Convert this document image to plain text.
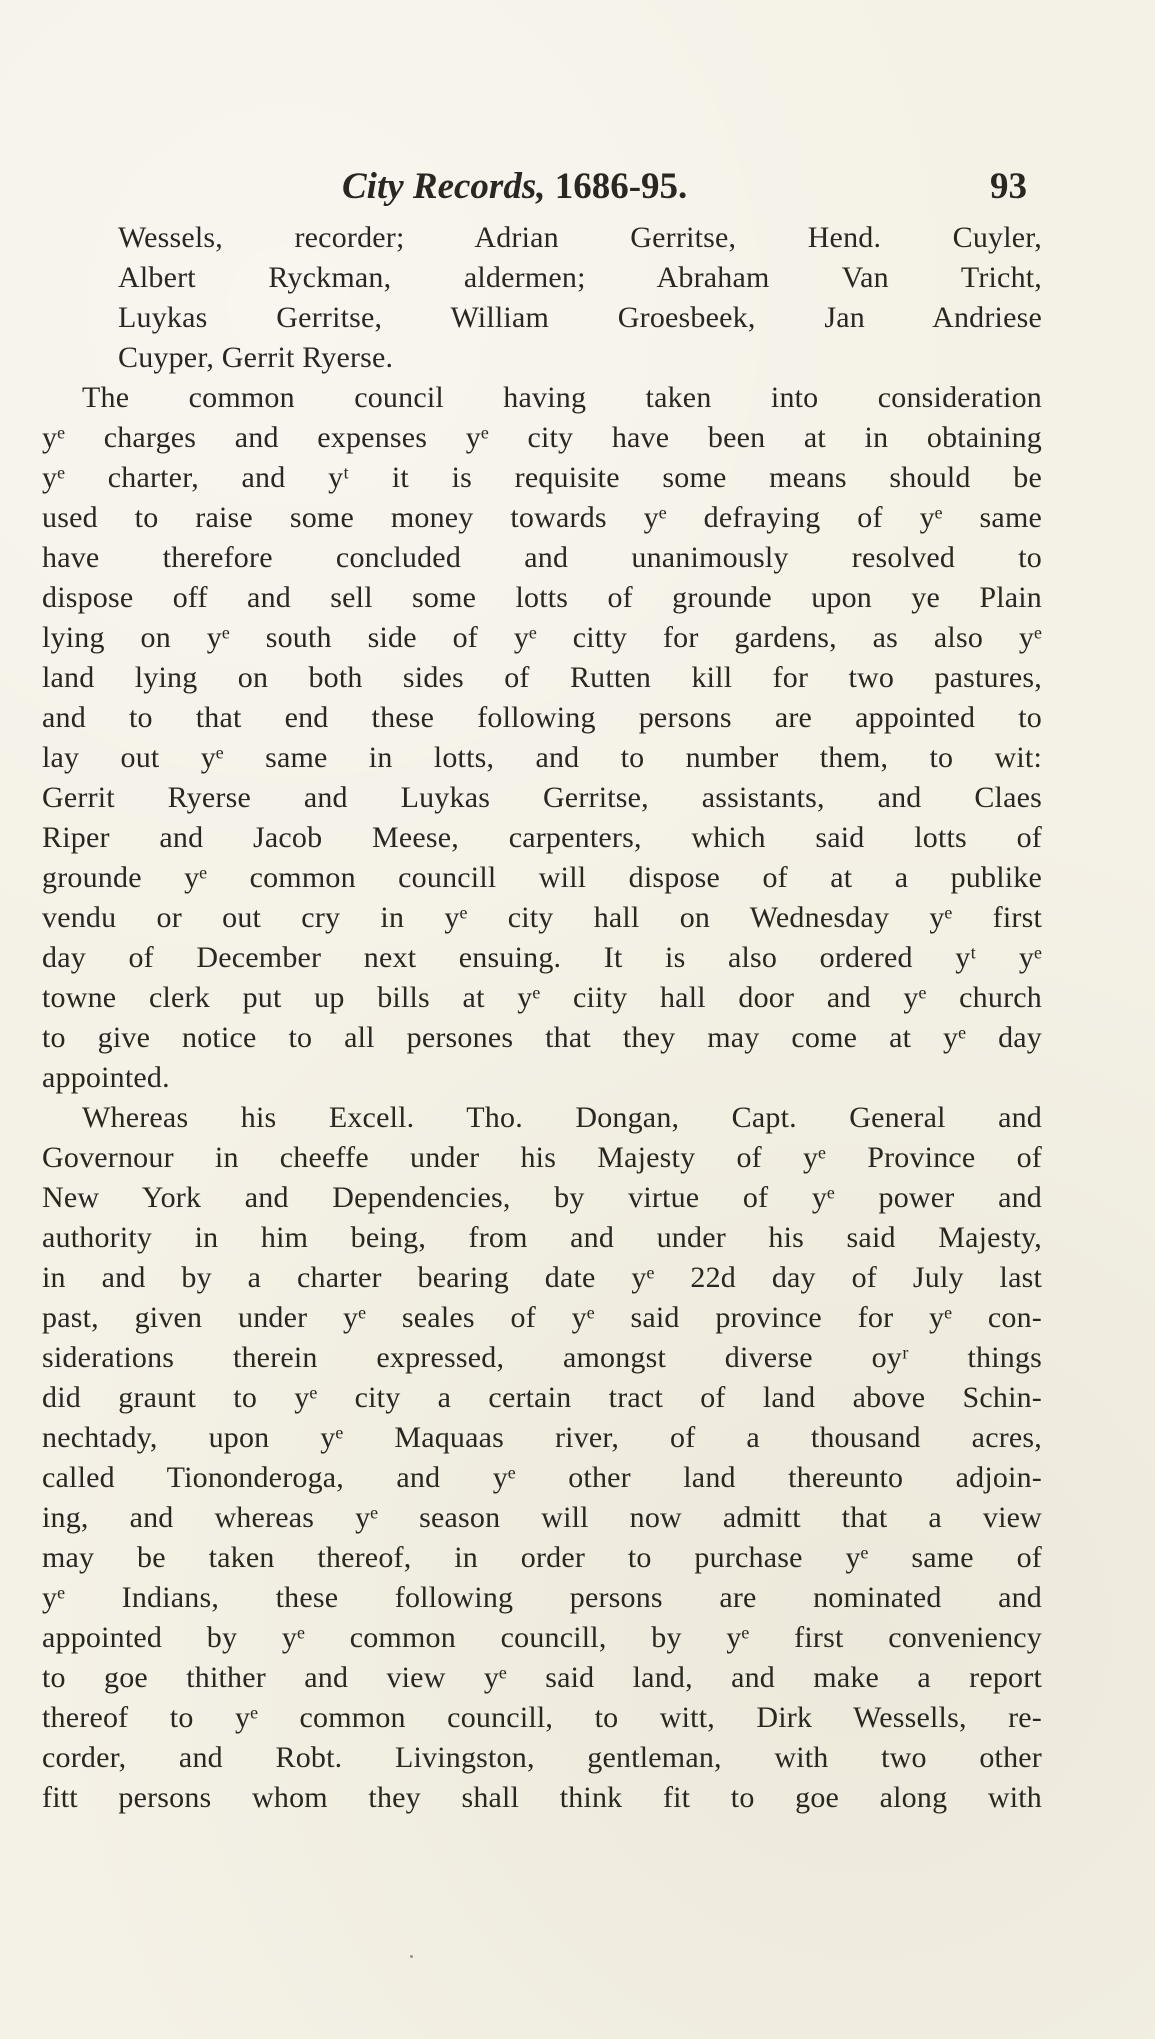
City Records, 1686-95.	93
Wessels, recorder; Adrian Gerritse, Hend. Cuyler,
Albert Ryckman, aldermen; Abraham Van Tricht,
Luykas Gerritse, William Groesbeek, Jan Andriese
Cuyper, Gerrit Ryerse.
The common council having taken into consideration
yᵉ charges and expenses yᵉ city have been at in obtaining
yᵉ charter, and yᵗ it is requisite some means should be
used to raise some money towards yᵉ defraying of yᵉ same
have therefore concluded and unanimously resolved to
dispose off and sell some lotts of grounde upon ye Plain
lying on yᵉ south side of yᵉ citty for gardens, as also yᵉ
land lying on both sides of Rutten kill for two pastures,
and to that end these following persons are appointed to
lay out yᵉ same in lotts, and to number them, to wit:
Gerrit Ryerse and Luykas Gerritse, assistants, and Claes
Riper and Jacob Meese, carpenters, which said lotts of
grounde yᵉ common councill will dispose of at a publike
vendu or out cry in yᵉ city hall on Wednesday yᵉ first
day of December next ensuing. It is also ordered yᵗ yᵉ
towne clerk put up bills at yᵉ ciity hall door and yᵉ church
to give notice to all persones that they may come at yᵉ day
appointed.
Whereas his Excell. Tho. Dongan, Capt. General and
Governour in cheeffe under his Majesty of yᵉ Province of
New York and Dependencies, by virtue of yᵉ power and
authority in him being, from and under his said Majesty,
in and by a charter bearing date yᵉ 22d day of July last
past, given under yᵉ seales of yᵉ said province for yᵉ con-
siderations therein expressed, amongst diverse oyʳ things
did graunt to yᵉ city a certain tract of land above Schin-
nechtady, upon yᵉ Maquaas river, of a thousand acres,
called Tiononderoga, and yᵉ other land thereunto adjoin-
ing, and whereas yᵉ season will now admitt that a view
may be taken thereof, in order to purchase yᵉ same of
yᵉ Indians, these following persons are nominated and
appointed by yᵉ common councill, by yᵉ first conveniency
to goe thither and view yᵉ said land, and make a report
thereof to yᵉ common councill, to witt, Dirk Wessells, re-
corder, and Robt. Livingston, gentleman, with two other
fitt persons whom they shall think fit to goe along with
